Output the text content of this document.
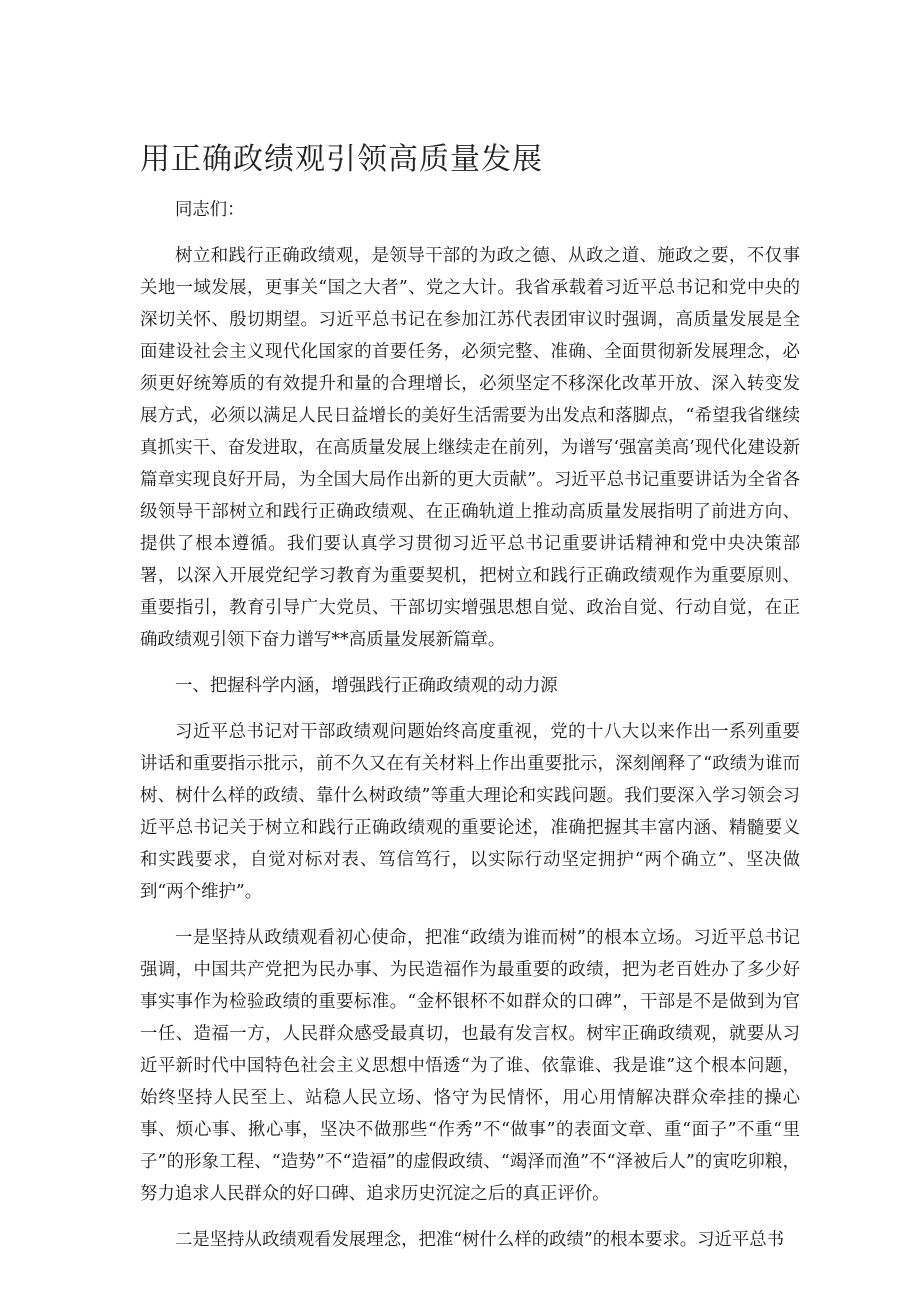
用正确政绩观引领高质量发展

同志们：

树立和践行正确政绩观，是领导干部的为政之德、从政之道、施政之要，不仅事关地一域发展，更事关“国之大者”、党之大计。我省承载着习近平总书记和党中央的深切关怀、殷切期望。习近平总书记在参加江苏代表团审议时强调，高质量发展是全面建设社会主义现代化国家的首要任务，必须完整、准确、全面贯彻新发展理念，必须更好统筹质的有效提升和量的合理增长，必须坚定不移深化改革开放、深入转变发展方式，必须以满足人民日益增长的美好生活需要为出发点和落脚点，“希望我省继续真抓实干、奋发进取，在高质量发展上继续走在前列，为谱写‘强富美高’现代化建设新篇章实现良好开局，为全国大局作出新的更大贡献”。习近平总书记重要讲话为全省各级领导干部树立和践行正确政绩观、在正确轨道上推动高质量发展指明了前进方向、提供了根本遵循。我们要认真学习贯彻习近平总书记重要讲话精神和党中央决策部署，以深入开展党纪学习教育为重要契机，把树立和践行正确政绩观作为重要原则、重要指引，教育引导广大党员、干部切实增强思想自觉、政治自觉、行动自觉，在正确政绩观引领下奋力谱写**高质量发展新篇章。

一、把握科学内涵，增强践行正确政绩观的动力源

习近平总书记对干部政绩观问题始终高度重视，党的十八大以来作出一系列重要讲话和重要指示批示，前不久又在有关材料上作出重要批示，深刻阐释了“政绩为谁而树、树什么样的政绩、靠什么树政绩”等重大理论和实践问题。我们要深入学习领会习近平总书记关于树立和践行正确政绩观的重要论述，准确把握其丰富内涵、精髓要义和实践要求，自觉对标对表、笃信笃行，以实际行动坚定拥护“两个确立”、坚决做到“两个维护”。

一是坚持从政绩观看初心使命，把准“政绩为谁而树”的根本立场。习近平总书记强调，中国共产党把为民办事、为民造福作为最重要的政绩，把为老百姓办了多少好事实事作为检验政绩的重要标准。“金杯银杯不如群众的口碑”，干部是不是做到为官一任、造福一方，人民群众感受最真切，也最有发言权。树牢正确政绩观，就要从习近平新时代中国特色社会主义思想中悟透“为了谁、依靠谁、我是谁”这个根本问题，始终坚持人民至上、站稳人民立场、恪守为民情怀，用心用情解决群众牵挂的操心事、烦心事、揪心事，坚决不做那些“作秀”不“做事”的表面文章、重“面子”不重“里子”的形象工程、“造势”不“造福”的虚假政绩、“竭泽而渔”不“泽被后人”的寅吃卯粮，努力追求人民群众的好口碑、追求历史沉淀之后的真正评价。

二是坚持从政绩观看发展理念，把准“树什么样的政绩”的根本要求。习近平总书
